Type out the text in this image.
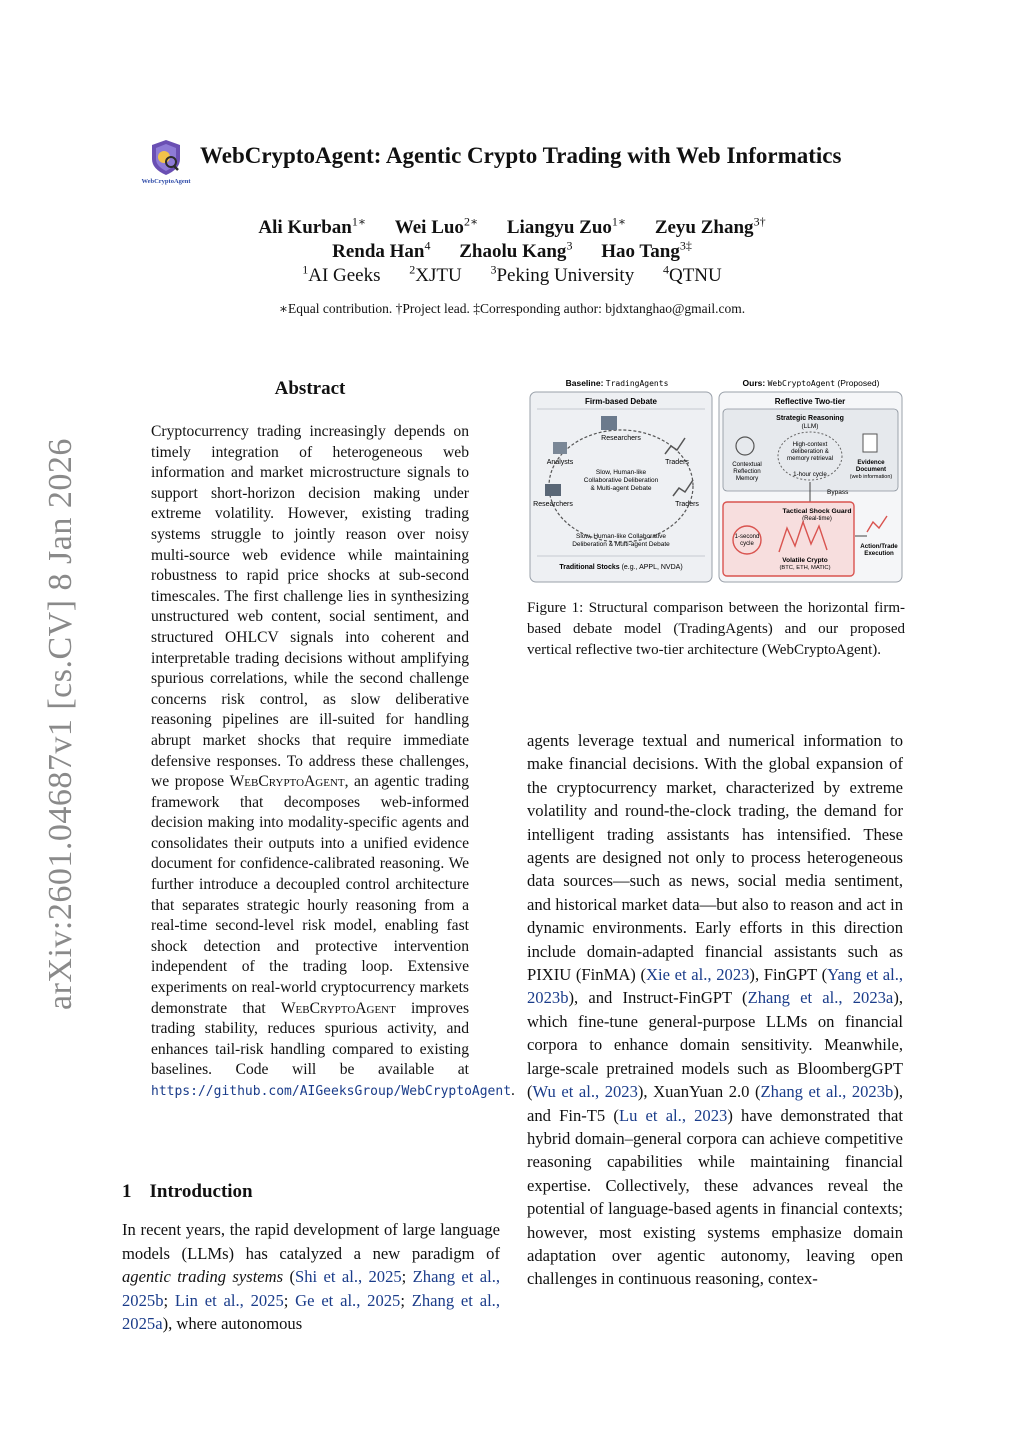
arXiv:2601.04687v1 [cs.CV] 8 Jan 2026
WebCryptoAgent
WebCryptoAgent: Agentic Crypto Trading with Web Informatics
Ali Kurban$^{1∗}$ Wei Luo$^{2∗}$ Liangyu Zuo$^{1∗}$ Zeyu Zhang$^{3\dagger}$
Renda Han$^4$ Zhaolu Kang$^3$ Hao Tang$^{3\ddagger}$
$^1$AI Geeks $^2$XJTU $^3$Peking University $^4$QTNU
∗Equal contribution. †Project lead. ‡Corresponding author: bjdxtanghao@gmail.com.
Abstract
Cryptocurrency trading increasingly depends on timely integration of heterogeneous web information and market microstructure signals to support short-horizon decision making under extreme volatility. However, existing trading systems struggle to jointly reason over noisy multi-source web evidence while maintaining robustness to rapid price shocks at sub-second timescales. The first challenge lies in synthesizing unstructured web content, social sentiment, and structured OHLCV signals into coherent and interpretable trading decisions without amplifying spurious correlations, while the second challenge concerns risk control, as slow deliberative reasoning pipelines are ill-suited for handling abrupt market shocks that require immediate defensive responses. To address these challenges, we propose WebCryptoAgent, an agentic trading framework that decomposes web-informed decision making into modality-specific agents and consolidates their outputs into a unified evidence document for confidence-calibrated reasoning. We further introduce a decoupled control architecture that separates strategic hourly reasoning from a real-time second-level risk model, enabling fast shock detection and protective intervention independent of the trading loop. Extensive experiments on real-world cryptocurrency markets demonstrate that WebCryptoAgent improves trading stability, reduces spurious activity, and enhances tail-risk handling compared to existing baselines. Code will be available at https://github.com/AIGeeksGroup/WebCryptoAgent.
1 Introduction
In recent years, the rapid development of large language models (LLMs) has catalyzed a new paradigm of agentic trading systems (Shi et al., 2025; Zhang et al., 2025b; Lin et al., 2025; Ge et al., 2025; Zhang et al., 2025a), where autonomous
Baseline: TradingAgents	Ours: WebCryptoAgent (Proposed)
Firm-based Debate
Researchers
Analysts	Traders
Researchers	Traders
Slow, Human-like
Collaborative Deliberation
& Multi-agent Debate
Slow, Human-like Collaborative
Deliberation & Multi-agent Debate
Traditional Stocks (e.g., APPL, NVDA)
Reflective Two-tier
Strategic Reasoning
(LLM)
Contextual
Reflection
Memory
High-context
deliberation &
memory retrieval
1-hour cycle
Evidence
Document
(web information)
Bypass
Tactical Shock Guard
(Real-time)
1-second
cycle
Volatile Crypto
(BTC, ETH, MATIC)
Action/Trade
Execution
Figure 1: Structural comparison between the horizontal firm-based debate model (TradingAgents) and our proposed vertical reflective two-tier architecture (WebCryptoAgent).
agents leverage textual and numerical information to make financial decisions. With the global expansion of the cryptocurrency market, characterized by extreme volatility and round-the-clock trading, the demand for intelligent trading assistants has intensified. These agents are designed not only to process heterogeneous data sources—such as news, social media sentiment, and historical market data—but also to reason and act in dynamic environments. Early efforts in this direction include domain-adapted financial assistants such as PIXIU (FinMA) (Xie et al., 2023), FinGPT (Yang et al., 2023b), and Instruct-FinGPT (Zhang et al., 2023a), which fine-tune general-purpose LLMs on financial corpora to enhance domain sensitivity. Meanwhile, large-scale pretrained models such as BloombergGPT (Wu et al., 2023), XuanYuan 2.0 (Zhang et al., 2023b), and Fin-T5 (Lu et al., 2023) have demonstrated that hybrid domain–general corpora can achieve competitive reasoning capabilities while maintaining financial expertise. Collectively, these advances reveal the potential of language-based agents in financial contexts; however, most existing systems emphasize domain adaptation over agentic autonomy, leaving open challenges in continuous reasoning, contex-
